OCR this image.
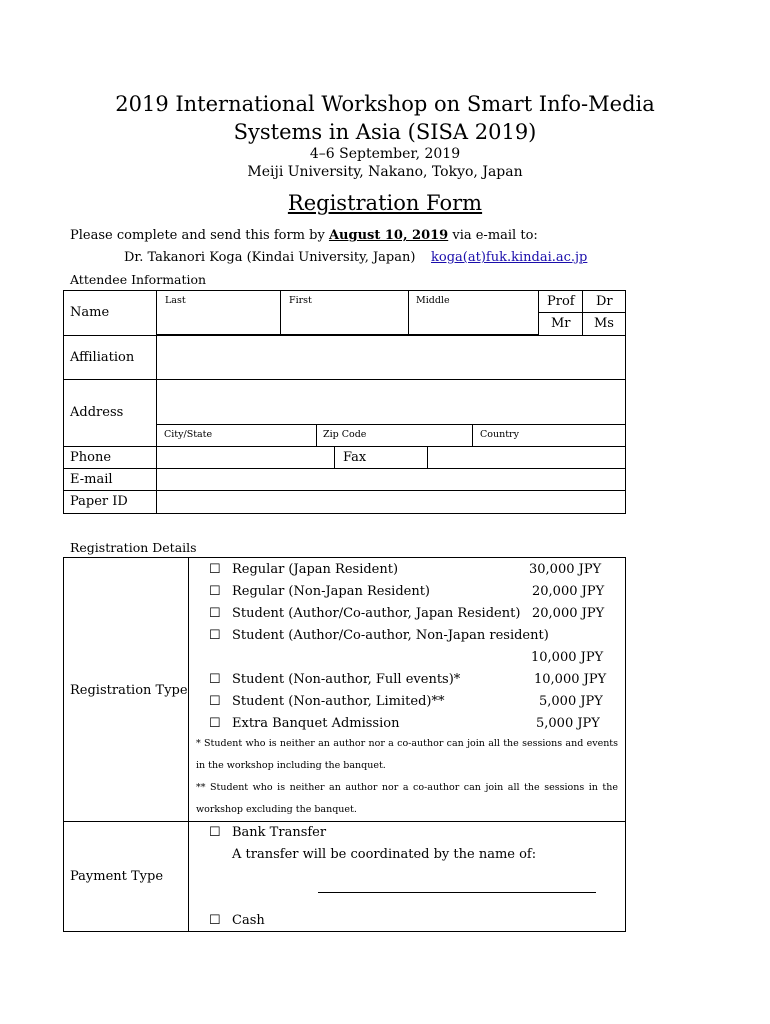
2019 International Workshop on Smart Info-Media
Systems in Asia (SISA 2019)
4–6 September, 2019
Meiji University, Nakano, Tokyo, Japan
Registration Form
Please complete and send this form by August 10, 2019 via e-mail to:
Dr. Takanori Koga (Kindai University, Japan) koga(at)fuk.kindai.ac.jp
Attendee Information
Name
Last	First	Middle	Prof Dr
Mr Ms
Affiliation
Address
City/State	Zip Code	Country
Phone	Fax
E-mail
Paper ID
Registration Details
Registration Type
☐ Regular (Japan Resident)	30,000 JPY
☐ Regular (Non-Japan Resident)	20,000 JPY
☐ Student (Author/Co-author, Japan Resident) 20,000 JPY
☐ Student (Author/Co-author, Non-Japan resident)
10,000 JPY
☐ Student (Non-author, Full events)*	10,000 JPY
☐ Student (Non-author, Limited)**	5,000 JPY
☐ Extra Banquet Admission	5,000 JPY
* Student who is neither an author nor a co-author can join all the sessions and events in the workshop including the banquet.
** Student who is neither an author nor a co-author can join all the sessions in the workshop excluding the banquet.
Payment Type
☐ Bank Transfer
A transfer will be coordinated by the name of:
☐ Cash
